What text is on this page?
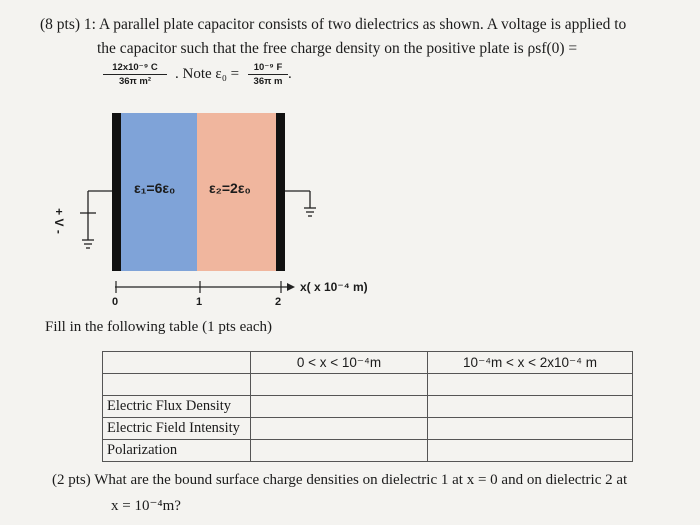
(8 pts) 1: A parallel plate capacitor consists of two dielectrics as shown. A voltage is applied to
the capacitor such that the free charge density on the positive plate is ρsf(0) =
12x10⁻⁹ C
36π m²	. Note ε₀ =	10⁻⁹ F
36π m .
ε₁=6ε₀ ε₂=2ε₀
+ V -
x( x 10⁻⁴ m)
0	1	2
Fill in the following table (1 pts each)
	0 < x < 10⁻⁴m	10⁻⁴m < x < 2x10⁻⁴ m

Electric Flux Density		
Electric Field Intensity		
Polarization		
(2 pts) What are the bound surface charge densities on dielectric 1 at x = 0 and on dielectric 2 at
x = 10⁻⁴m?
